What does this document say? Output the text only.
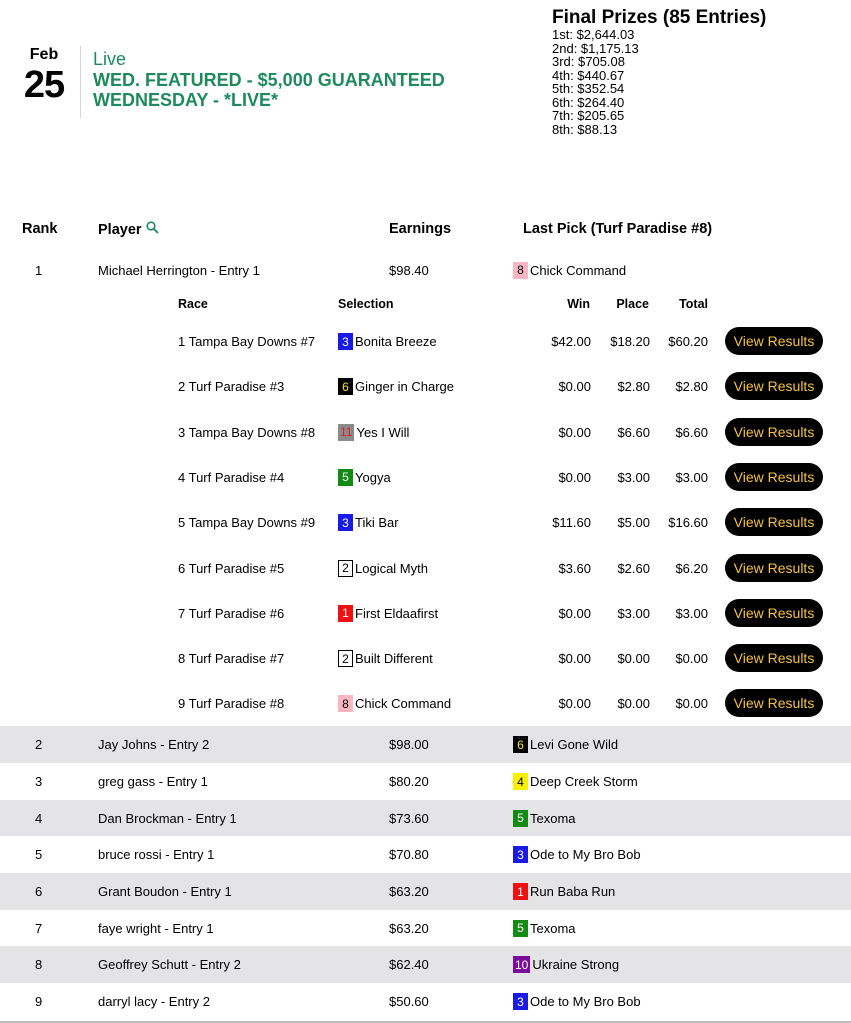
Feb
25
Live
WED. FEATURED - $5,000 GUARANTEED WEDNESDAY - *LIVE*
Final Prizes (85 Entries)
1st: $2,644.03
2nd: $1,175.13
3rd: $705.08
4th: $440.67
5th: $352.54
6th: $264.40
7th: $205.65
8th: $88.13
Rank	Player	Earnings	Last Pick (Turf Paradise #8)
1	Michael Herrington - Entry 1	$98.40	8 Chick Command
2	Jay Johns - Entry 2	$98.00	6 Levi Gone Wild
3	greg gass - Entry 1	$80.20	4 Deep Creek Storm
4	Dan Brockman - Entry 1	$73.60	5 Texoma
5	bruce rossi - Entry 1	$70.80	3 Ode to My Bro Bob
6	Grant Boudon - Entry 1	$63.20	1 Run Baba Run
7	faye wright - Entry 1	$63.20	5 Texoma
8	Geoffrey Schutt - Entry 2	$62.40	10 Ukraine Strong
9	darryl lacy - Entry 2	$50.60	3 Ode to My Bro Bob
Race	Selection	Win	Place	Total
1 Tampa Bay Downs #7	3 Bonita Breeze	$42.00	$18.20	$60.20	View Results
2 Turf Paradise #3	6 Ginger in Charge	$0.00	$2.80	$2.80	View Results
3 Tampa Bay Downs #8	11 Yes I Will	$0.00	$6.60	$6.60	View Results
4 Turf Paradise #4	5 Yogya	$0.00	$3.00	$3.00	View Results
5 Tampa Bay Downs #9	3 Tiki Bar	$11.60	$5.00	$16.60	View Results
6 Turf Paradise #5	2 Logical Myth	$3.60	$2.60	$6.20	View Results
7 Turf Paradise #6	1 First Eldaafirst	$0.00	$3.00	$3.00	View Results
8 Turf Paradise #7	2 Built Different	$0.00	$0.00	$0.00	View Results
9 Turf Paradise #8	8 Chick Command	$0.00	$0.00	$0.00	View Results
